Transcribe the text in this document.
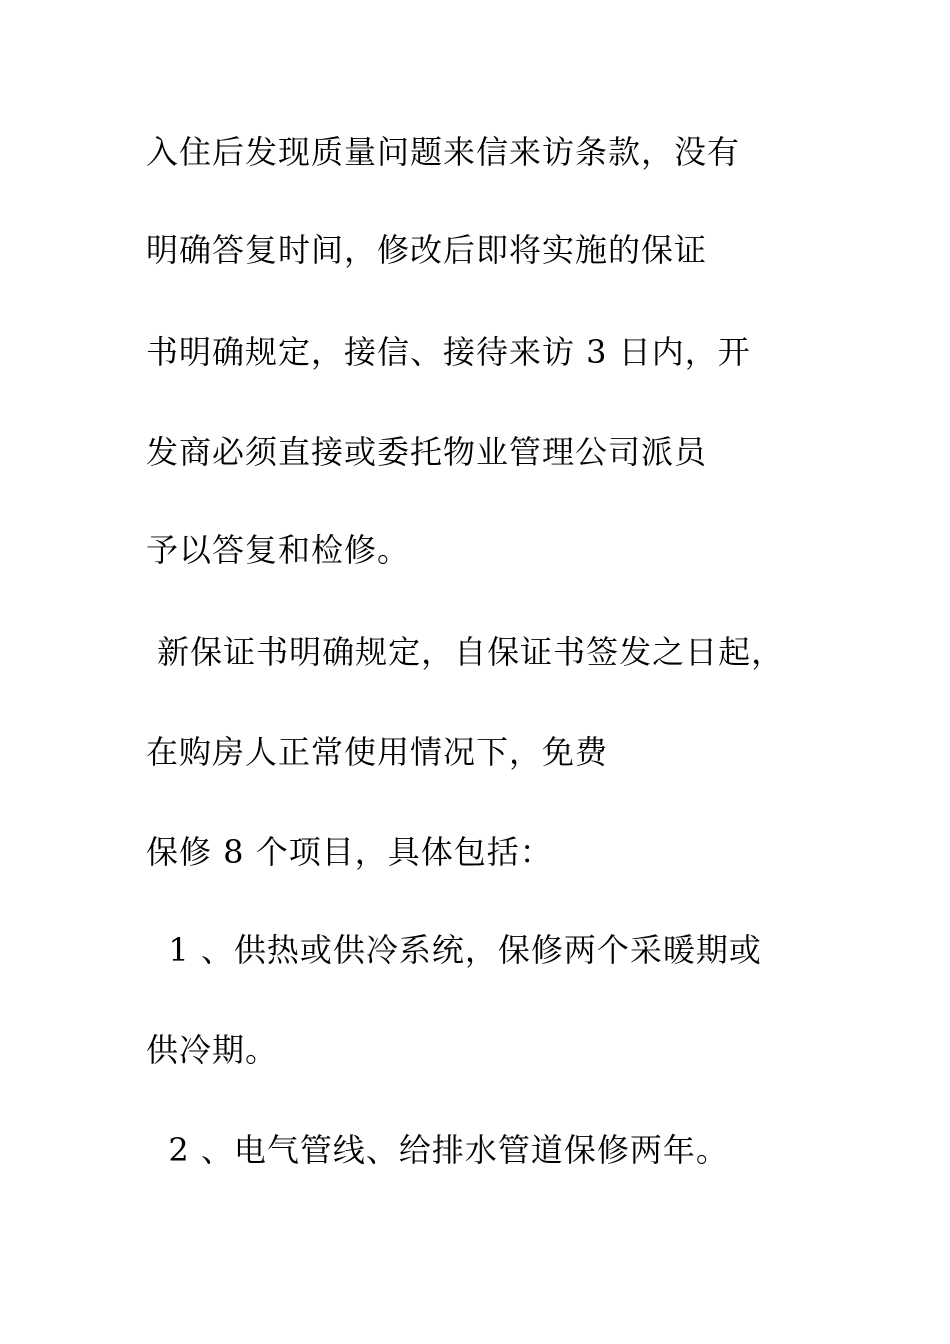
入住后发现质量问题来信来访条款，没有
明确答复时间，修改后即将实施的保证
书明确规定，接信、接待来访 3 日内，开
发商必须直接或委托物业管理公司派员
予以答复和检修。
新保证书明确规定，自保证书签发之日起，
在购房人正常使用情况下，免费
保修 8 个项目，具体包括：
1 、供热或供冷系统，保修两个采暖期或
供冷期。
2 、电气管线、给排水管道保修两年。
